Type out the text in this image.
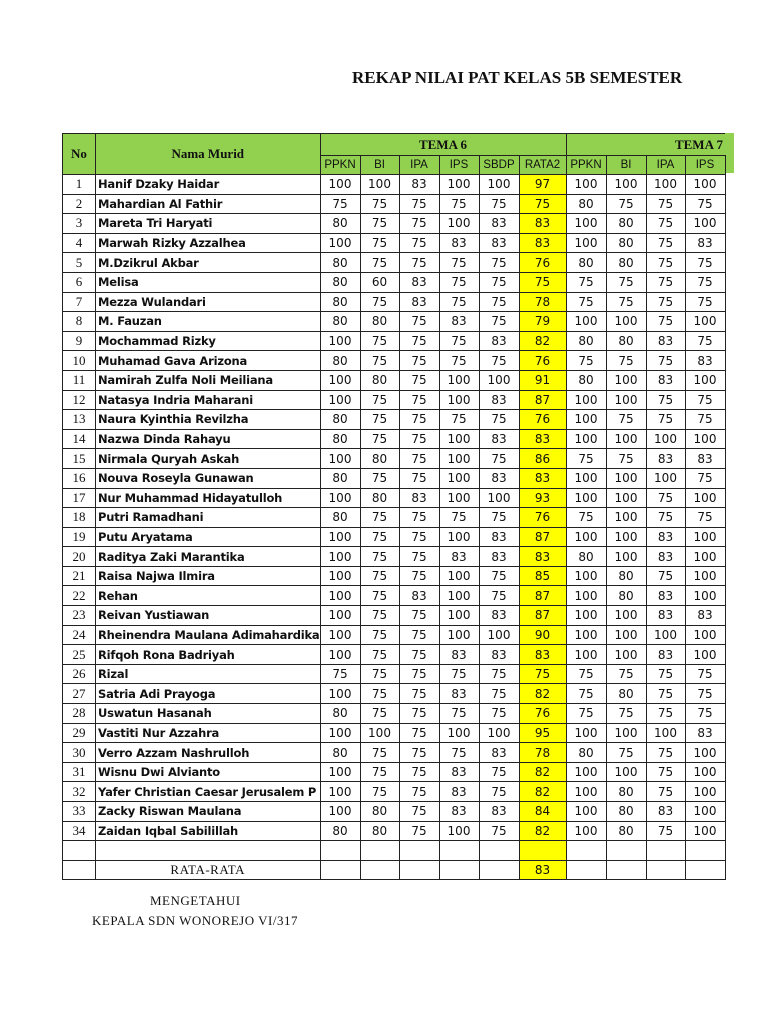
REKAP NILAI PAT KELAS 5B SEMESTER
No	Nama Murid	TEMA 6						TEMA 7			
		PPKN	BI	IPA	IPS	SBDP	RATA2	PPKN	BI	IPA	IPS
1	Hanif Dzaky Haidar	100	100	83	100	100	97	100	100	100	100
2	Mahardian Al Fathir	75	75	75	75	75	75	80	75	75	75
3	Mareta Tri Haryati	80	75	75	100	83	83	100	80	75	100
4	Marwah Rizky Azzalhea	100	75	75	83	83	83	100	80	75	83
5	M.Dzikrul Akbar	80	75	75	75	75	76	80	80	75	75
6	Melisa	80	60	83	75	75	75	75	75	75	75
7	Mezza Wulandari	80	75	83	75	75	78	75	75	75	75
8	M. Fauzan	80	80	75	83	75	79	100	100	75	100
9	Mochammad Rizky	100	75	75	75	83	82	80	80	83	75
10	Muhamad Gava Arizona	80	75	75	75	75	76	75	75	75	83
11	Namirah Zulfa Noli Meiliana	100	80	75	100	100	91	80	100	83	100
12	Natasya Indria Maharani	100	75	75	100	83	87	100	100	75	75
13	Naura Kyinthia Revilzha	80	75	75	75	75	76	100	75	75	75
14	Nazwa Dinda Rahayu	80	75	75	100	83	83	100	100	100	100
15	Nirmala Quryah Askah	100	80	75	100	75	86	75	75	83	83
16	Nouva Roseyla Gunawan	80	75	75	100	83	83	100	100	100	75
17	Nur Muhammad Hidayatulloh	100	80	83	100	100	93	100	100	75	100
18	Putri Ramadhani	80	75	75	75	75	76	75	100	75	75
19	Putu Aryatama	100	75	75	100	83	87	100	100	83	100
20	Raditya Zaki Marantika	100	75	75	83	83	83	80	100	83	100
21	Raisa Najwa Ilmira	100	75	75	100	75	85	100	80	75	100
22	Rehan	100	75	83	100	75	87	100	80	83	100
23	Reivan Yustiawan	100	75	75	100	83	87	100	100	83	83
24	Rheinendra Maulana Adimahardika	100	75	75	100	100	90	100	100	100	100
25	Rifqoh Rona Badriyah	100	75	75	83	83	83	100	100	83	100
26	Rizal	75	75	75	75	75	75	75	75	75	75
27	Satria Adi Prayoga	100	75	75	83	75	82	75	80	75	75
28	Uswatun Hasanah	80	75	75	75	75	76	75	75	75	75
29	Vastiti Nur Azzahra	100	100	75	100	100	95	100	100	100	83
30	Verro Azzam Nashrulloh	80	75	75	75	83	78	80	75	75	100
31	Wisnu Dwi Alvianto	100	75	75	83	75	82	100	100	75	100
32	Yafer Christian Caesar Jerusalem P	100	75	75	83	75	82	100	80	75	100
33	Zacky Riswan Maulana	100	80	75	83	83	84	100	80	83	100
34	Zaidan Iqbal Sabilillah	80	80	75	100	75	82	100	80	75	100

	RATA-RATA						83				
MENGETAHUI
KEPALA SDN WONOREJO VI/317
